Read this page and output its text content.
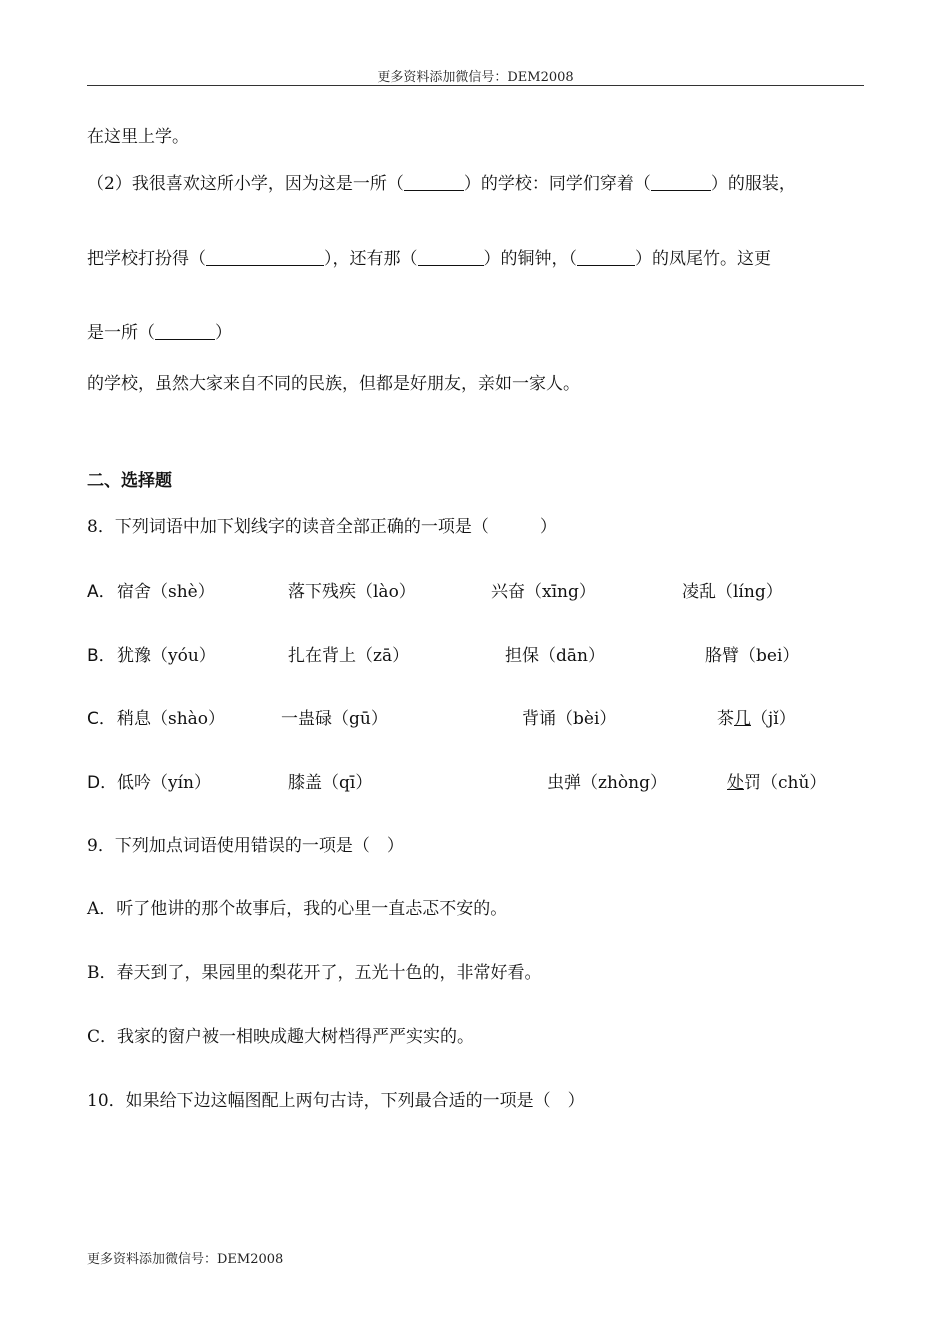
更多资料添加微信号：DEM2008
在这里上学。
（2）我很喜欢这所小学，因为这是一所（	）的学校：同学们穿着（	）的服装，
把学校打扮得（	），还有那（	）的铜钟，（	）的凤尾竹。这更
是一所（	）
的学校，虽然大家来自不同的民族，但都是好朋友，亲如一家人。
二、选择题
8．下列词语中加下划线字的读音全部正确的一项是（　　　）
A． 宿舍（shè）	落下残疾（lào）	兴奋（xīng）	凌乱（líng）
B． 犹豫（yóu）	扎在背上（zā）	担保（dān）	胳臂（bei）
C． 稍息（shào）	一蛊碌（gū）	背诵（bèi）	茶几（jǐ）
D． 低吟（yín）	膝盖（qī）	虫弹（zhòng）	处罚（chǔ）
9．下列加点词语使用错误的一项是（　）
A．听了他讲的那个故事后，我的心里一直忐忑不安的。
B．春天到了，果园里的梨花开了，五光十色的，非常好看。
C．我家的窗户被一相映成趣大树档得严严实实的。
10．如果给下边这幅图配上两句古诗，下列最合适的一项是（　）
更多资料添加微信号：DEM2008
